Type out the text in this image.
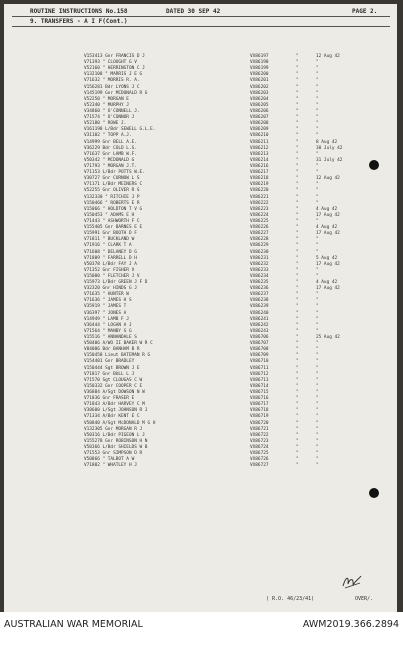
ROUTINE INSTRUCTIONS No.158	DATED 30 SEP 42	PAGE 2.
9. TRANSFERS - A I F(Cont.)
V153413 Gnr FRANCIS D J	VX86197	"	12 Aug 42
V71393 " CLOUGHT G V	VX86198	"	"
V52160 " HERRINGTON C J	VX86199	"	"
V132108 " MARRIS J E G	VX86200	"	"
V71632 " MORRIS R. A.	VX86201	"	"
V156281 Bdr LYONS J C	VX86202	"	"
V145199 Gnr MCDONALD R G	VX86203	"	"
V52250 " MORGAN E	VX86204	"	"
V52340 " MURPHY J	VX86205	"	"
V34860 " O'CONNELL J.	VX86206	"	"
V71574 " O'CONNOR J	VX86207	"	"
V52180 " ROWE J.	VX86208	"	"
V161198 L/Bdr SEWELL G.L.E.	VX86209	"	"
V31102 " TOPP A.J.	VX86210	"	"
V14999 Gnr BELL A.E.	VX86211	"	8 Aug 42
V36229 Bdr COLD L.S.	VX86212	"	30 July 42
V71637 Gnr LAMB W.F.	VX86213	"	"
V50342 " MCDONALD G	VX86214	"	31 July 42
V71793 " MORGAN J.T.	VX86216	"	"
V71153 L/Bdr POTTS W.E.	VX86217	"	"
V30727 Gnr CURNOW L S	VX86218	"	12 Aug 42
V71171 L/Bdr MEINERS C	VX86219	"	"
V52255 Gnr OLIVER R S	VX86220	"	"
V132330 " RITCHIE J P	VX86221	"	"
V150466 " ROBERTS E R	VX86222	"	"
V15066 " HOLDTON T V G	VX86223	"	4 Aug 42
V150453 " ADAMS E H	VX86224	"	17 Aug 42
V71443 " ASHWORTH F C	VX86225	"	"
V155405 Gnr BARNES E E	VX86226	"	4 Aug 42
V15991 Gnr BOOTH D F	VX86227	"	17 Aug 42
V71811 " BUCKLAND W	VX86228	"	"
V71916 " CLARK T A	VX86229	"	"
V71608 " DELANEY D G	VX86230	"	"
V71809 " FARRELL D H	VX86231	"	5 Aug 42
V50378 L/Bdr FAY J A	VX86232	"	17 Aug 42
V71352 Gnr FISHER V	VX86233	"	"
V15000 " FLETCHER J V	VX86234	"	"
V15973 L/Bdr GREEN J F D	VX86235	"	4 Aug 42
V32320 Gnr HINDS G J	VX86236	"	17 Aug 42
V71635 " HUNTER W	VX86237	"	"
V71636 " JAMES H S	VX86238	"	"
V35919 " JAMES T	VX86239	"	"
V36397 " JONES A	VX86240	"	"
V14949 " LAMB F J	VX86241	"	"
V36444 " LOGAN A J	VX86242	"	"
V71564 " MANBY S G	VX86243	"	"
V15516 " ANNANDALE S	VX86706	"	25 Aug 42
V50406 A/WO II BAKER W R C	VX86707	"	"
V84006 Bdr BANHAM B R	VX86708	"	"
V150458 Lieut BATEMAN R G	VX86709	"	"
V154401 Gnr BRADLEY	VX86710	"	"
V150444 Sgt BROWN J E	VX86711	"	"
V71817 Gnr BULL L J	VX86712	"	"
V71570 Sgt CLOUGAS C W	VX86713	"	"
V150332 Gnr COOPER C E	VX86714	"	"
V36884 A/Sgt DOWSON N W	VX86715	"	"
V71836 Gnr FRASER E	VX86716	"	"
V71843 A/Bdr HARVEY C M	VX86717	"	"
V30600 L/Sgt JOHNSON R J	VX86718	"	"
V71334 A/Bdr KENT E C	VX86719	"	"
V50840 A/Sgt McDONALD M G H	VX86720	"	"
V132305 Gnr MORGAN R J	VX86721	"	"
V50316 L/Bdr PIGEON L J	VX86722	"	"
V155278 Gnr ROBINSON H N	VX86723	"	"
V50366 L/Bdr SHIELDS W B	VX86724	"	"
V71553 Gnr SIMPSON D R	VX86725	"	"
V50866 " TALBOT A W	VX86726	"	"
V71802 " WHATLEY H J	VX86727	"	"
( R.O. 46/23/41)	OVER/.
AUSTRALIAN WAR MEMORIAL	AWM2019.366.2894
